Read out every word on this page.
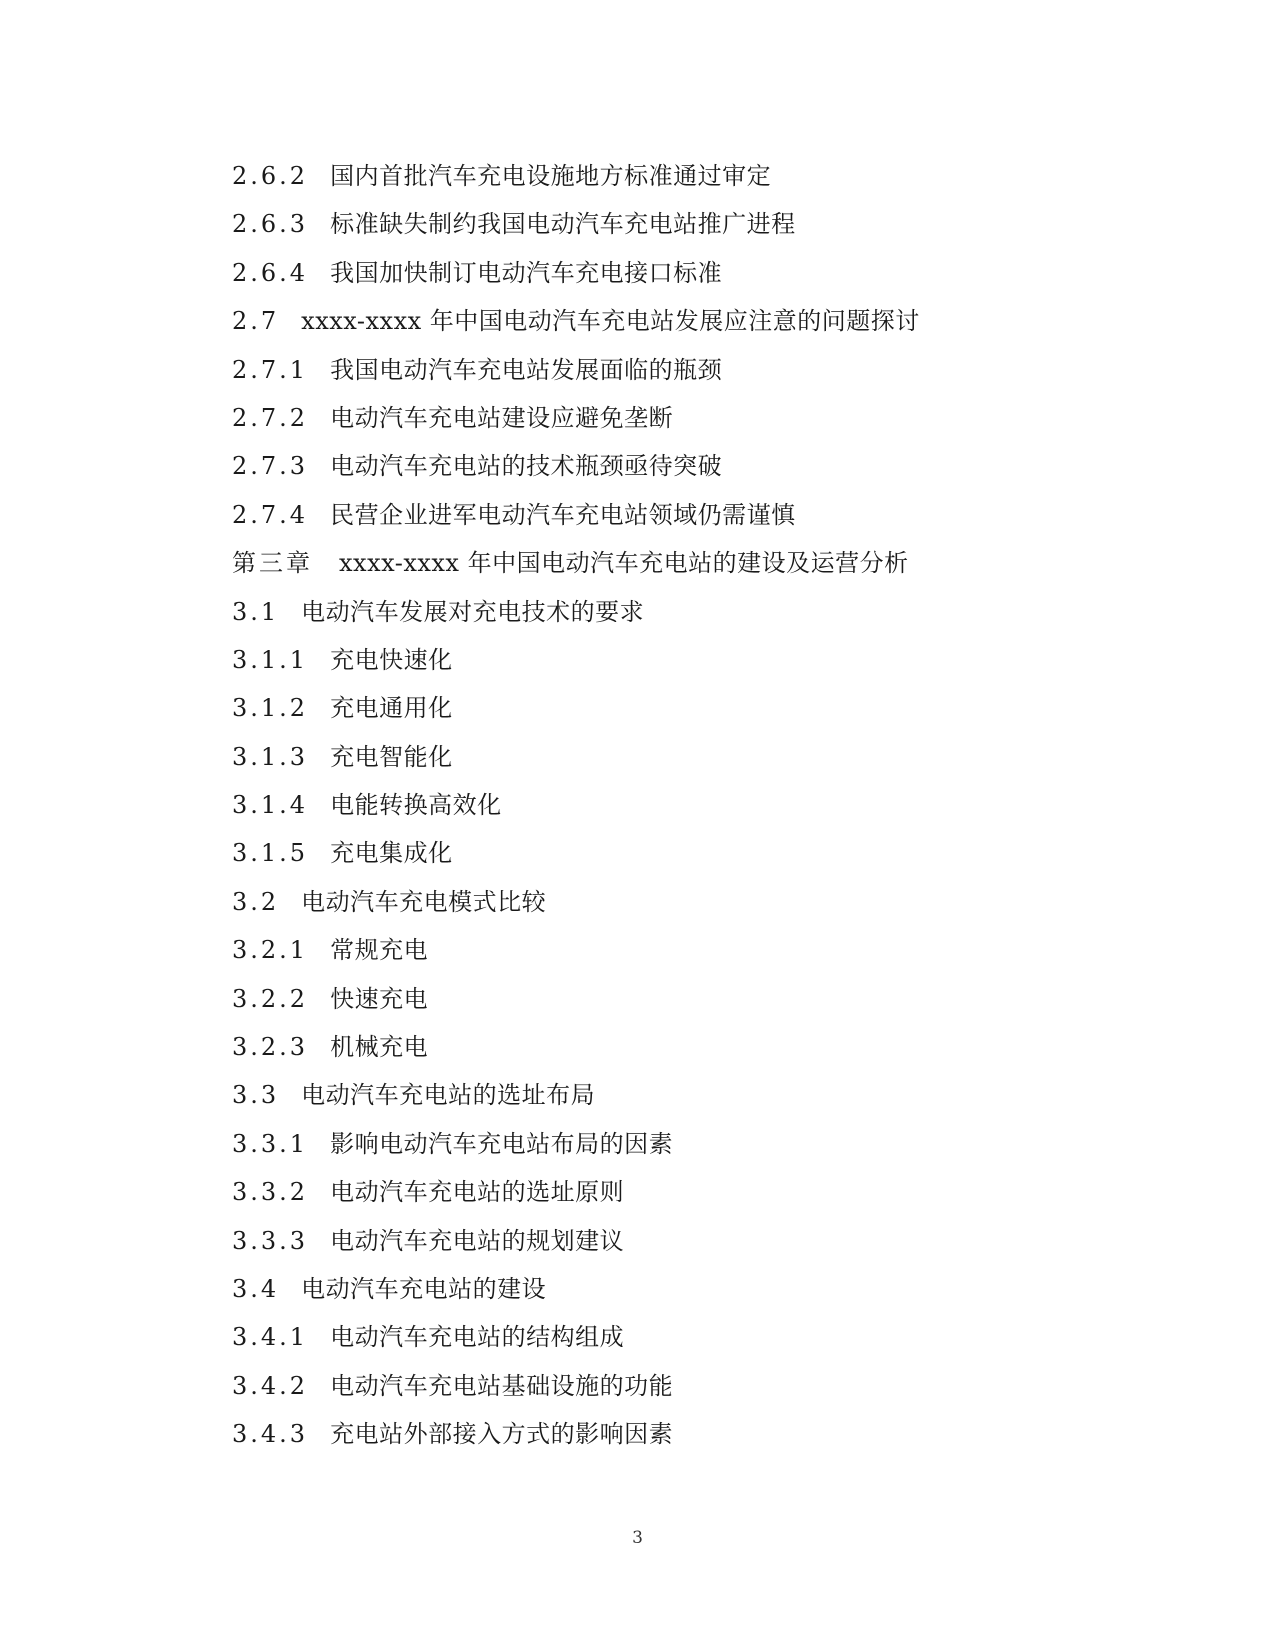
2.6.2 国内首批汽车充电设施地方标准通过审定
2.6.3 标准缺失制约我国电动汽车充电站推广进程
2.6.4 我国加快制订电动汽车充电接口标准
2.7 xxxx-xxxx 年中国电动汽车充电站发展应注意的问题探讨
2.7.1 我国电动汽车充电站发展面临的瓶颈
2.7.2 电动汽车充电站建设应避免垄断
2.7.3 电动汽车充电站的技术瓶颈亟待突破
2.7.4 民营企业进军电动汽车充电站领域仍需谨慎
第三章 xxxx-xxxx 年中国电动汽车充电站的建设及运营分析
3.1 电动汽车发展对充电技术的要求
3.1.1 充电快速化
3.1.2 充电通用化
3.1.3 充电智能化
3.1.4 电能转换高效化
3.1.5 充电集成化
3.2 电动汽车充电模式比较
3.2.1 常规充电
3.2.2 快速充电
3.2.3 机械充电
3.3 电动汽车充电站的选址布局
3.3.1 影响电动汽车充电站布局的因素
3.3.2 电动汽车充电站的选址原则
3.3.3 电动汽车充电站的规划建议
3.4 电动汽车充电站的建设
3.4.1 电动汽车充电站的结构组成
3.4.2 电动汽车充电站基础设施的功能
3.4.3 充电站外部接入方式的影响因素
3
